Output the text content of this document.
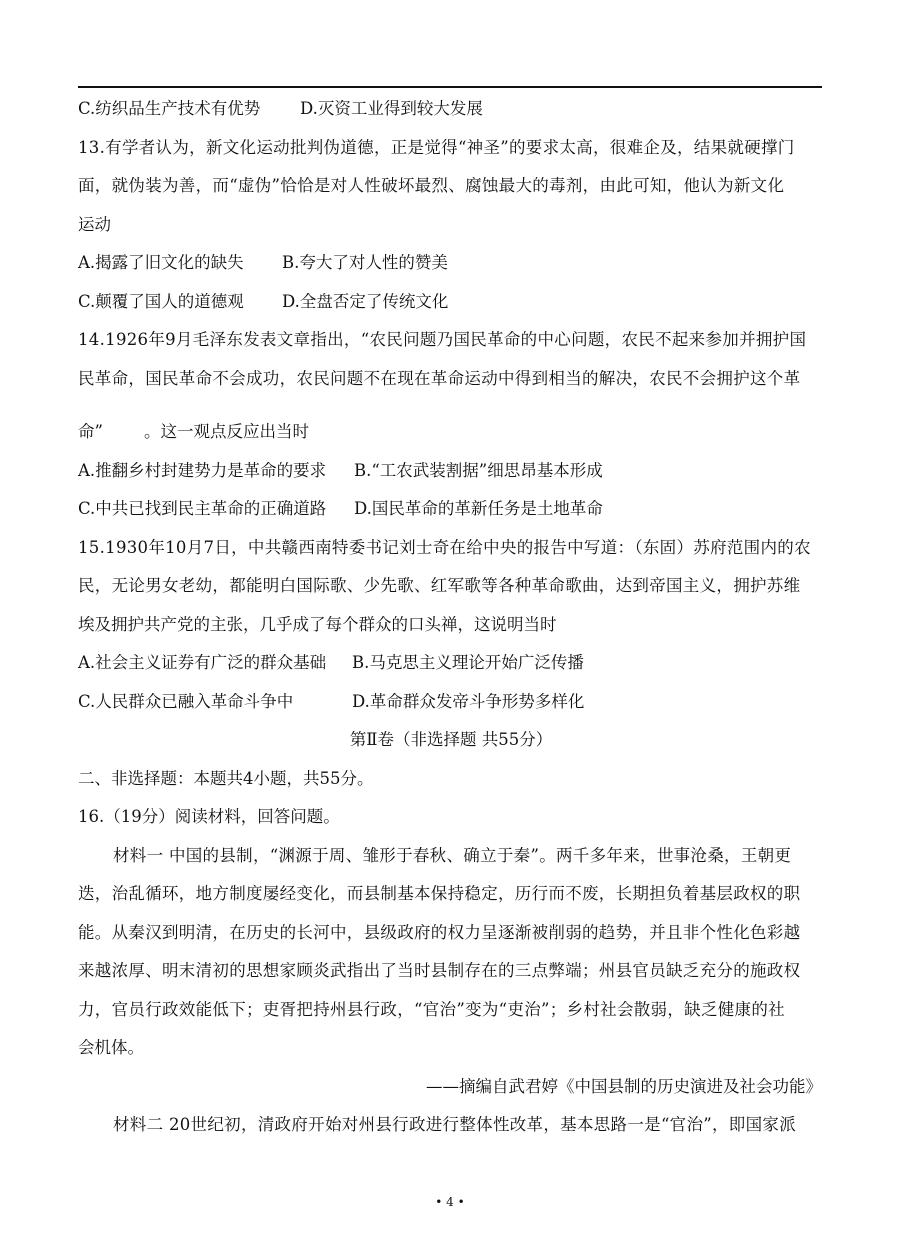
C.纺织品生产技术有优势 D.灭资工业得到较大发展
13.有学者认为，新文化运动批判伪道德，正是觉得“神圣”的要求太高，很难企及，结果就硬撑门
面，就伪装为善，而“虚伪”恰恰是对人性破坏最烈、腐蚀最大的毒剂，由此可知，他认为新文化
运动
A.揭露了旧文化的缺失 B.夸大了对人性的赞美
C.颠覆了国人的道德观 D.全盘否定了传统文化
14.1926年9月毛泽东发表文章指出，“农民问题乃国民革命的中心问题，农民不起来参加并拥护国
民革命，国民革命不会成功，农民问题不在现在革命运动中得到相当的解决，农民不会拥护这个革
命” 。这一观点反应出当时
A.推翻乡村封建势力是革命的要求 B.“工农武装割据”细思昂基本形成
C.中共已找到民主革命的正确道路 D.国民革命的革新任务是土地革命
15.1930年10月7日，中共赣西南特委书记刘士奇在给中央的报告中写道：（东固）苏府范围内的农
民，无论男女老幼，都能明白国际歌、少先歌、红军歌等各种革命歌曲，达到帝国主义，拥护苏维
埃及拥护共产党的主张，几乎成了每个群众的口头禅，这说明当时
A.社会主义证券有广泛的群众基础 B.马克思主义理论开始广泛传播
C.人民群众已融入革命斗争中	D.革命群众发帝斗争形势多样化
第Ⅱ卷（非选择题 共55分）
二、非选择题：本题共4小题，共55分。
16.（19分）阅读材料，回答问题。
材料一 中国的县制，“渊源于周、雏形于春秋、确立于秦”。两千多年来，世事沧桑，王朝更
迭，治乱循环，地方制度屡经变化，而县制基本保持稳定，历行而不废，长期担负着基层政权的职
能。从秦汉到明清，在历史的长河中，县级政府的权力呈逐渐被削弱的趋势，并且非个性化色彩越
来越浓厚、明末清初的思想家顾炎武指出了当时县制存在的三点弊端；州县官员缺乏充分的施政权
力，官员行政效能低下；吏胥把持州县行政，“官治”变为“吏治”；乡村社会散弱，缺乏健康的社
会机体。
——摘编自武君婷《中国县制的历史演进及社会功能》
材料二 20世纪初，清政府开始对州县行政进行整体性改革，基本思路一是“官治”，即国家派
• 4 •
